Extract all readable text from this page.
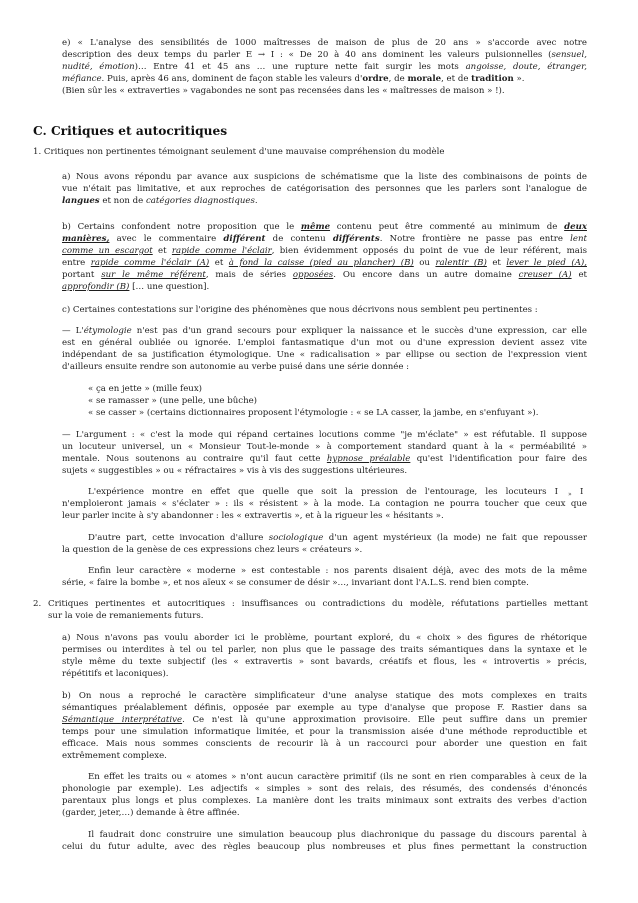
e) « L'analyse des sensibilités de 1000 maîtresses de maison de plus de 20 ans » s'accorde avec notre

description des deux temps du parler E → I : « De 20 à 40 ans dominent les valeurs pulsionnelles (sensuel,

nudité, émotion)… Entre 41 et 45 ans … une rupture nette fait surgir les mots angoisse, doute, étranger,

méfiance. Puis, après 46 ans, dominent de façon stable les valeurs d'ordre, de morale, et de tradition ».

(Bien sûr les « extraverties » vagabondes ne sont pas recensées dans les « maîtresses de maison » !).

C. Critiques et autocritiques

1. Critiques non pertinentes témoignant seulement d'une mauvaise compréhension du modèle

a) Nous avons répondu par avance aux suspicions de schématisme que la liste des combinaisons de points de

vue n'était pas limitative, et aux reproches de catégorisation des personnes que les parlers sont l'analogue de

langues et non de catégories diagnostiques.

b) Certains confondent notre proposition que le même contenu peut être commenté au minimum de deux

manières, avec le commentaire différent de contenu différents. Notre frontière ne passe pas entre lent

comme un escargot et rapide comme l'éclair, bien évidemment opposés du point de vue de leur référent, mais

entre rapide comme l'éclair (A) et à fond la caisse (pied au plancher) (B) ou ralentir (B) et lever le pied (A),

portant sur le même référent, mais de séries opposées. Ou encore dans un autre domaine creuser (A) et

approfondir (B) [… une question].

c) Certaines contestations sur l'origine des phénomènes que nous décrivons nous semblent peu pertinentes :

— L'étymologie n'est pas d'un grand secours pour expliquer la naissance et le succès d'une expression, car elle

est en général oubliée ou ignorée. L'emploi fantasmatique d'un mot ou d'une expression devient assez vite

indépendant de sa justification étymologique. Une « radicalisation » par ellipse ou section de l'expression vient

d'ailleurs ensuite rendre son autonomie au verbe puisé dans une série donnée :

« ça en jette » (mille feux)

« se ramasser » (une pelle, une bûche)

« se casser » (certains dictionnaires proposent l'étymologie : « se LA casser, la jambe, en s'enfuyant »).

— L'argument : « c'est la mode qui répand certaines locutions comme "je m'éclate" » est réfutable. Il suppose

un locuteur universel, un « Monsieur Tout-le-monde » à comportement standard quant à la « perméabilité »

mentale. Nous soutenons au contraire qu'il faut cette hypnose préalable qu'est l'identification pour faire des

sujets « suggestibles » ou « réfractaires » vis à vis des suggestions ultérieures.

L'expérience montre en effet que quelle que soit la pression de l'entourage, les locuteurs I » I

n'emploieront jamais « s'éclater » : ils « résistent » à la mode. La contagion ne pourra toucher que ceux que

leur parler incite à s'y abandonner : les « extravertis », et à la rigueur les « hésitants ».

D'autre part, cette invocation d'allure sociologique d'un agent mystérieux (la mode) ne fait que repousser

la question de la genèse de ces expressions chez leurs « créateurs ».

Enfin leur caractère « moderne » est contestable : nos parents disaient déjà, avec des mots de la même

série, « faire la bombe », et nos aïeux « se consumer de désir »…, invariant dont l'A.L.S. rend bien compte.

2. Critiques pertinentes et autocritiques : insuffisances ou contradictions du modèle, réfutations partielles mettant

sur la voie de remaniements futurs.

a) Nous n'avons pas voulu aborder ici le problème, pourtant exploré, du « choix » des figures de rhétorique

permises ou interdites à tel ou tel parler, non plus que le passage des traits sémantiques dans la syntaxe et le

style même du texte subjectif (les « extravertis » sont bavards, créatifs et flous, les « introvertis » précis,

répétitifs et laconiques).

b) On nous a reproché le caractère simplificateur d'une analyse statique des mots complexes en traits

sémantiques préalablement définis, opposée par exemple au type d'analyse que propose F. Rastier dans sa

Sémantique interprétative. Ce n'est là qu'une approximation provisoire. Elle peut suffire dans un premier

temps pour une simulation informatique limitée, et pour la transmission aisée d'une méthode reproductible et

efficace. Mais nous sommes conscients de recourir là à un raccourci pour aborder une question en fait

extrêmement complexe.

En effet les traits ou « atomes » n'ont aucun caractère primitif (ils ne sont en rien comparables à ceux de la

phonologie par exemple). Les adjectifs « simples » sont des relais, des résumés, des condensés d'énoncés

parentaux plus longs et plus complexes. La manière dont les traits minimaux sont extraits des verbes d'action

(garder, jeter,…) demande à être affinée.

Il faudrait donc construire une simulation beaucoup plus diachronique du passage du discours parental à

celui du futur adulte, avec des règles beaucoup plus nombreuses et plus fines permettant la construction
